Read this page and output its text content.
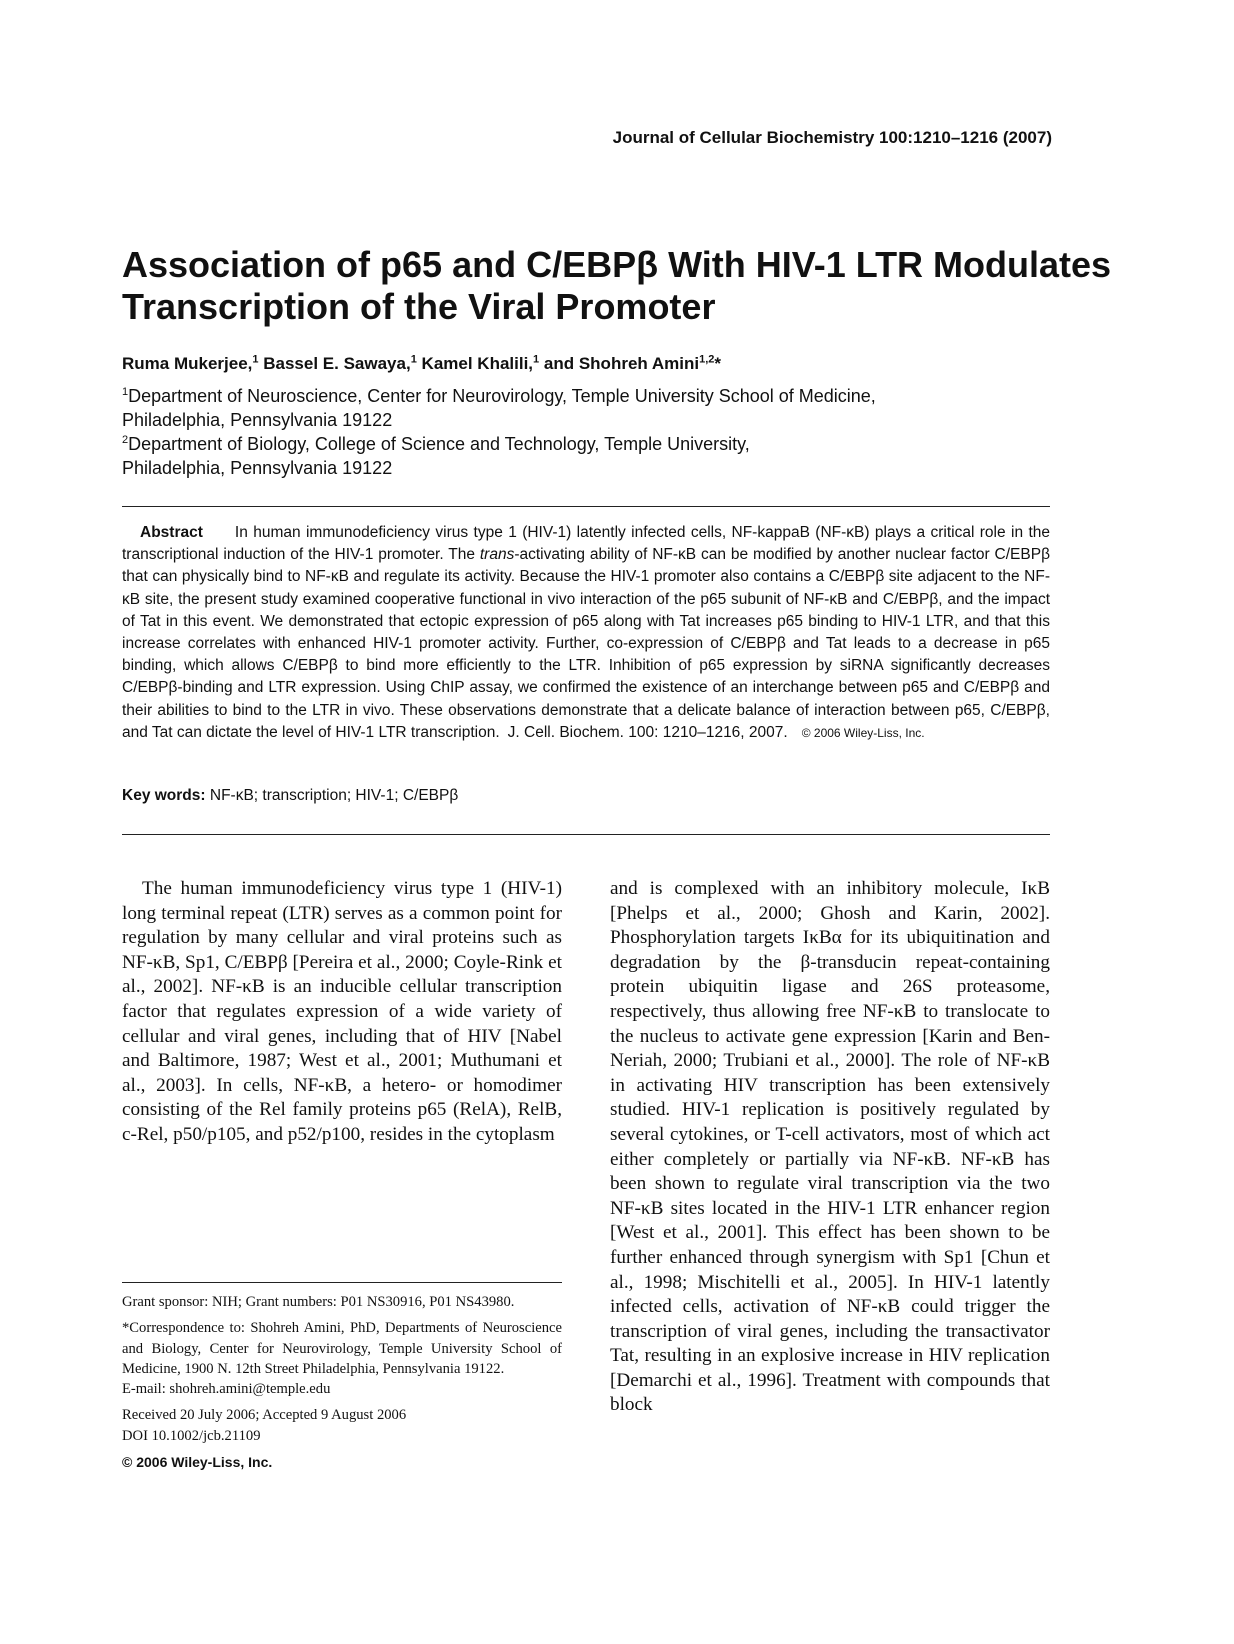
Journal of Cellular Biochemistry 100:1210–1216 (2007)
Association of p65 and C/EBPβ With HIV-1 LTR Modulates Transcription of the Viral Promoter
Ruma Mukerjee,$^1$ Bassel E. Sawaya,$^1$ Kamel Khalili,$^1$ and Shohreh Amini$^{1,2}$*
$^1$Department of Neuroscience, Center for Neurovirology, Temple University School of Medicine,
Philadelphia, Pennsylvania 19122
$^2$Department of Biology, College of Science and Technology, Temple University,
Philadelphia, Pennsylvania 19122

Abstract In human immunodeficiency virus type 1 (HIV-1) latently infected cells, NF-kappaB (NF-κB) plays a critical role in the transcriptional induction of the HIV-1 promoter. The trans-activating ability of NF-κB can be modified by another nuclear factor C/EBPβ that can physically bind to NF-κB and regulate its activity. Because the HIV-1 promoter also contains a C/EBPβ site adjacent to the NF-κB site, the present study examined cooperative functional in vivo interaction of the p65 subunit of NF-κB and C/EBPβ, and the impact of Tat in this event. We demonstrated that ectopic expression of p65 along with Tat increases p65 binding to HIV-1 LTR, and that this increase correlates with enhanced HIV-1 promoter activity. Further, co-expression of C/EBPβ and Tat leads to a decrease in p65 binding, which allows C/EBPβ to bind more efficiently to the LTR. Inhibition of p65 expression by siRNA significantly decreases C/EBPβ-binding and LTR expression. Using ChIP assay, we confirmed the existence of an interchange between p65 and C/EBPβ and their abilities to bind to the LTR in vivo. These observations demonstrate that a delicate balance of interaction between p65, C/EBPβ, and Tat can dictate the level of HIV-1 LTR transcription. J. Cell. Biochem. 100: 1210–1216, 2007. © 2006 Wiley-Liss, Inc.

Key words: NF-κB; transcription; HIV-1; C/EBPβ

The human immunodeficiency virus type 1 (HIV-1) long terminal repeat (LTR) serves as a common point for regulation by many cellular and viral proteins such as NF-κB, Sp1, C/EBPβ [Pereira et al., 2000; Coyle-Rink et al., 2002]. NF-κB is an inducible cellular transcription factor that regulates expression of a wide variety of cellular and viral genes, including that of HIV [Nabel and Baltimore, 1987; West et al., 2001; Muthumani et al., 2003]. In cells, NF-κB, a hetero- or homodimer consisting of the Rel family proteins p65 (RelA), RelB, c-Rel, p50/p105, and p52/p100, resides in the cytoplasm

and is complexed with an inhibitory molecule, IκB [Phelps et al., 2000; Ghosh and Karin, 2002]. Phosphorylation targets IκBα for its ubiquitination and degradation by the β-transducin repeat-containing protein ubiquitin ligase and 26S proteasome, respectively, thus allowing free NF-κB to translocate to the nucleus to activate gene expression [Karin and Ben-Neriah, 2000; Trubiani et al., 2000]. The role of NF-κB in activating HIV transcription has been extensively studied. HIV-1 replication is positively regulated by several cytokines, or T-cell activators, most of which act either completely or partially via NF-κB. NF-κB has been shown to regulate viral transcription via the two NF-κB sites located in the HIV-1 LTR enhancer region [West et al., 2001]. This effect has been shown to be further enhanced through synergism with Sp1 [Chun et al., 1998; Mischitelli et al., 2005]. In HIV-1 latently infected cells, activation of NF-κB could trigger the transcription of viral genes, including the transactivator Tat, resulting in an explosive increase in HIV replication [Demarchi et al., 1996]. Treatment with compounds that block

Grant sponsor: NIH; Grant numbers: P01 NS30916, P01 NS43980.

*Correspondence to: Shohreh Amini, PhD, Departments of Neuroscience and Biology, Center for Neurovirology, Temple University School of Medicine, 1900 N. 12th Street Philadelphia, Pennsylvania 19122.

E-mail: shohreh.amini@temple.edu

Received 20 July 2006; Accepted 9 August 2006

DOI 10.1002/jcb.21109

© 2006 Wiley-Liss, Inc.
